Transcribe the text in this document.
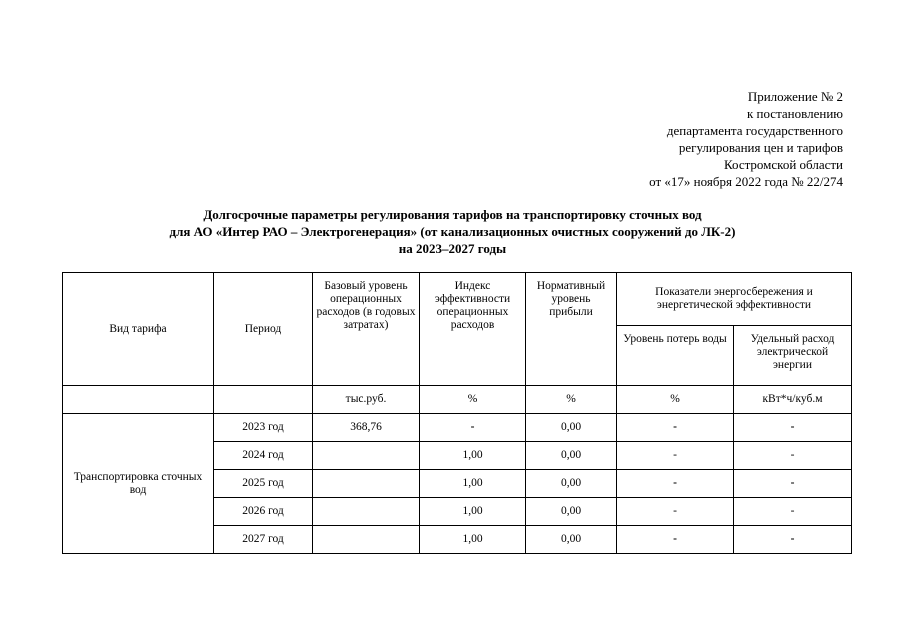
Приложение № 2
к постановлению
департамента государственного
регулирования цен и тарифов
Костромской области
от «17» ноября 2022 года № 22/274
Долгосрочные параметры регулирования тарифов на транспортировку сточных вод
для АО «Интер РАО – Электрогенерация» (от канализационных очистных сооружений до ЛК-2)
на 2023–2027 годы
Вид тарифа	Период	Базовый уровень операционных расходов (в годовых затратах)	Индекс эффективности операционных расходов	Нормативный уровень прибыли	Показатели энергосбережения и энергетической эффективности	
					Уровень потерь воды	Удельный расход электрической энергии
		тыс.руб.	%	%	%	кВт*ч/куб.м
Транспортировка сточных вод	2023 год	368,76	-	0,00	-	-
	2024 год		1,00	0,00	-	-
	2025 год		1,00	0,00	-	-
	2026 год		1,00	0,00	-	-
	2027 год		1,00	0,00	-	-
